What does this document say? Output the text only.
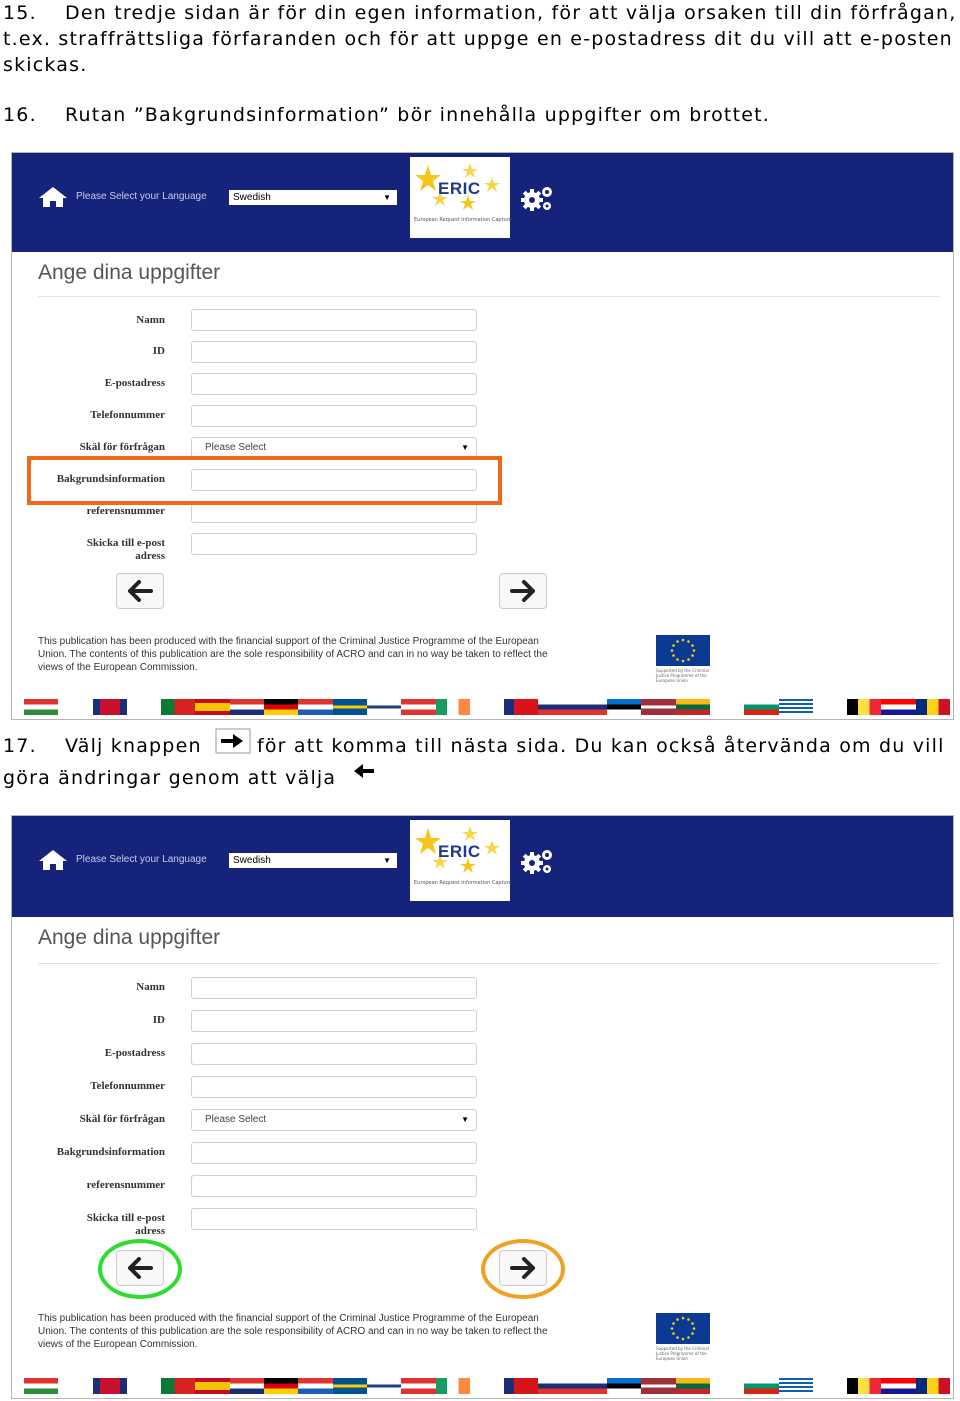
15. Den tredje sidan är för din egen information, för att välja orsaken till din förfrågan,
t.ex. straffrättsliga förfaranden och för att uppge en e-postadress dit du vill att e-posten
skickas.
16. Rutan ”Bakgrundsinformation” bör innehålla uppgifter om brottet.
Please Select your Language	Swedish	▼	ERIC
European Request Information Capture
Ange dina uppgifter
Namn
ID
E-postadress
Telefonnummer
Skäl för förfrågan	Please Select	▼
Bakgrundsinformation
referensnummer
Skicka till e-post
adress
This publication has been produced with the financial support of the Criminal Justice Programme of the European
Union. The contents of this publication are the sole responsibility of ACRO and can in no way be taken to reflect the
views of the European Commission.	Supported by the Criminal Justice Programme of the European Union
17. Välj knappen	för att komma till nästa sida. Du kan också återvända om du vill
göra ändringar genom att välja
Please Select your Language	Swedish	▼	ERIC
European Request Information Capture
Ange dina uppgifter
Namn
ID
E-postadress
Telefonnummer
Skäl för förfrågan	Please Select	▼
Bakgrundsinformation
referensnummer
Skicka till e-post
adress
This publication has been produced with the financial support of the Criminal Justice Programme of the European
Union. The contents of this publication are the sole responsibility of ACRO and can in no way be taken to reflect the
views of the European Commission.	Supported by the Criminal Justice Programme of the European Union
